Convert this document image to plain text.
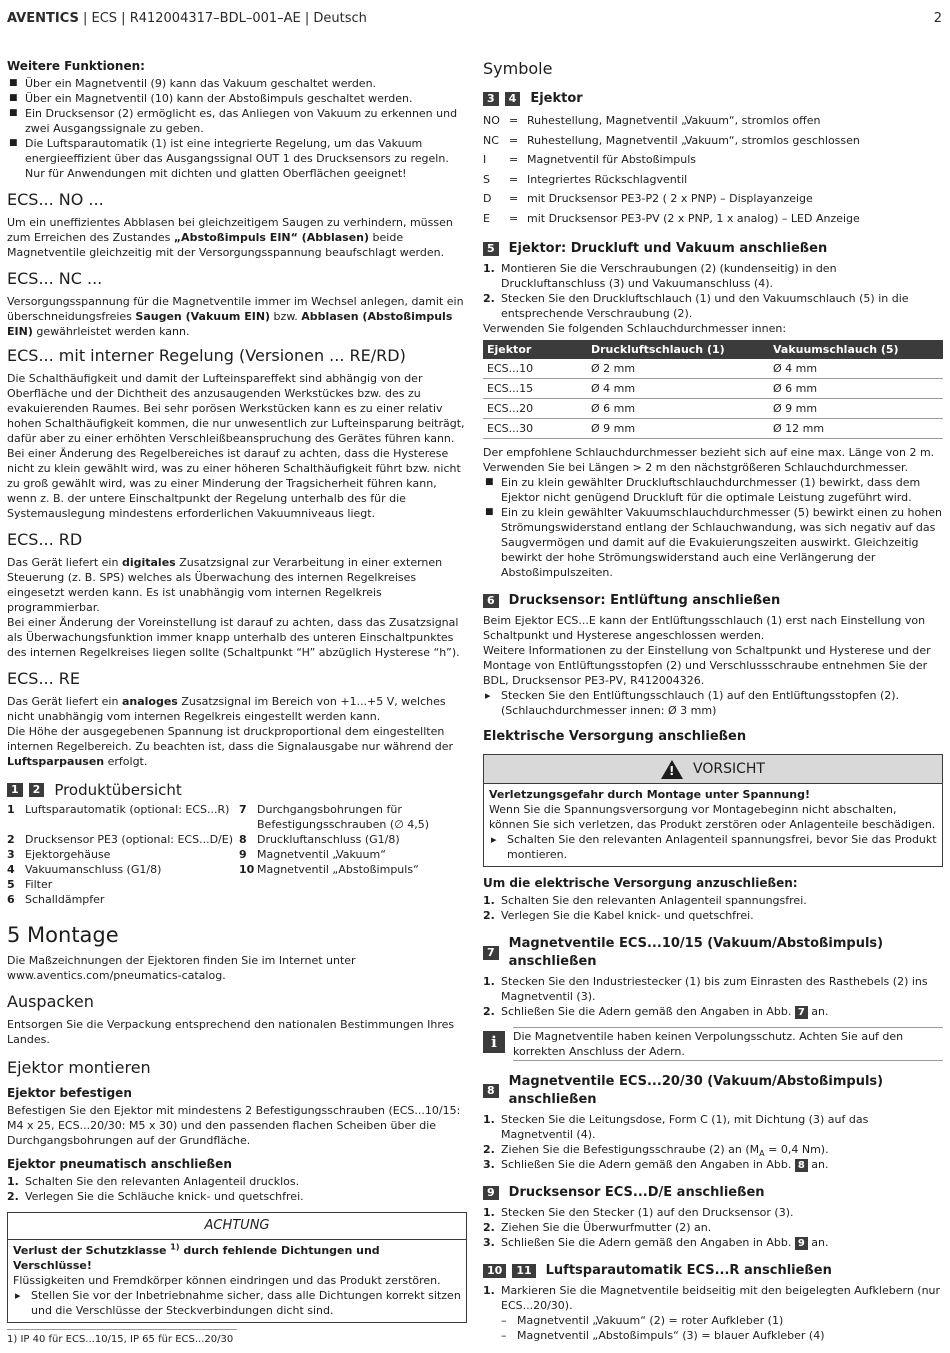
AVENTICS | ECS | R412004317–BDL–001–AE | Deutsch	2

Weitere Funktionen:

■ Über ein Magnetventil (9) kann das Vakuum geschaltet werden.
■ Über ein Magnetventil (10) kann der Abstoßimpuls geschaltet werden.
■ Ein Drucksensor (2) ermöglicht es, das Anliegen von Vakuum zu erkennen und zwei Ausgangssignale zu geben.
■ Die Luftsparautomatik (1) ist eine integrierte Regelung, um das Vakuum energieeffizient über das Ausgangssignal OUT 1 des Drucksensors zu regeln. Nur für Anwendungen mit dichten und glatten Oberflächen geeignet!
ECS... NO ...

Um ein uneffizientes Abblasen bei gleichzeitigem Saugen zu verhindern, müssen zum Erreichen des Zustandes „Abstoßimpuls EIN“ (Abblasen) beide Magnetventile gleichzeitig mit der Versorgungsspannung beaufschlagt werden.

ECS... NC ...

Versorgungsspannung für die Magnetventile immer im Wechsel anlegen, damit ein überschneidungsfreies Saugen (Vakuum EIN) bzw. Abblasen (Abstoßimpuls EIN) gewährleistet werden kann.

ECS... mit interner Regelung (Versionen ... RE/RD)

Die Schalthäufigkeit und damit der Lufteinspareffekt sind abhängig von der Oberfläche und der Dichtheit des anzusaugenden Werkstückes bzw. des zu evakuierenden Raumes. Bei sehr porösen Werkstücken kann es zu einer relativ hohen Schalthäufigkeit kommen, die nur unwesentlich zur Lufteinsparung beiträgt, dafür aber zu einer erhöhten Verschleißbeanspruchung des Gerätes führen kann. Bei einer Änderung des Regelbereiches ist darauf zu achten, dass die Hysterese nicht zu klein gewählt wird, was zu einer höheren Schalthäufigkeit führt bzw. nicht zu groß gewählt wird, was zu einer Minderung der Tragsicherheit führen kann, wenn z. B. der untere Einschaltpunkt der Regelung unterhalb des für die Systemauslegung mindestens erforderlichen Vakuumniveaus liegt.

ECS... RD

Das Gerät liefert ein digitales Zusatzsignal zur Verarbeitung in einer externen Steuerung (z. B. SPS) welches als Überwachung des internen Regelkreises eingesetzt werden kann. Es ist unabhängig vom internen Regelkreis programmierbar.

Bei einer Änderung der Voreinstellung ist darauf zu achten, dass das Zusatzsignal als Überwachungsfunktion immer knapp unterhalb des unteren Einschaltpunktes des internen Regelkreises liegen sollte (Schaltpunkt “H” abzüglich Hysterese “h”).

ECS... RE

Das Gerät liefert ein analoges Zusatzsignal im Bereich von +1...+5 V, welches nicht unabhängig vom internen Regelkreis eingestellt werden kann.

Die Höhe der ausgegebenen Spannung ist druckproportional dem eingestellten internen Regelbereich. Zu beachten ist, dass die Signalausgabe nur während der Luftsparpausen erfolgt.

1	2 Produktübersicht
1 Luftsparautomatik (optional: ECS...R) 7 Durchgangsbohrungen für Befestigungsschrauben (∅ 4,5)
2 Drucksensor PE3 (optional: ECS...D/E) 8 Druckluftanschluss (G1/8)
3 Ejektorgehäuse	9 Magnetventil „Vakuum“
4 Vakuumanschluss (G1/8)	10 Magnetventil „Abstoßimpuls“
5 Filter
6 Schalldämpfer
5 Montage

Die Maßzeichnungen der Ejektoren finden Sie im Internet unter www.aventics.com/pneumatics-catalog.

Auspacken

Entsorgen Sie die Verpackung entsprechend den nationalen Bestimmungen Ihres Landes.

Ejektor montieren
Ejektor befestigen

Befestigen Sie den Ejektor mit mindestens 2 Befestigungsschrauben (ECS...10/15: M4 x 25, ECS...20/30: M5 x 30) und den passenden flachen Scheiben über die Durchgangsbohrungen auf der Grundfläche.

Ejektor pneumatisch anschließen
1. Schalten Sie den relevanten Anlagenteil drucklos.
2. Verlegen Sie die Schläuche knick- und quetschfrei.
ACHTUNG

Verlust der Schutzklasse $^{1)}$ durch fehlende Dichtungen und Verschlüsse!

Flüssigkeiten und Fremdkörper können eindringen und das Produkt zerstören.

▸ Stellen Sie vor der Inbetriebnahme sicher, dass alle Dichtungen korrekt sitzen und die Verschlüsse der Steckverbindungen dicht sind.
1) IP 40 für ECS...10/15, IP 65 für ECS...20/30
Symbole
3	4	Ejektor
NO = Ruhestellung, Magnetventil „Vakuum“, stromlos offen
NC = Ruhestellung, Magnetventil „Vakuum“, stromlos geschlossen
I	= Magnetventil für Abstoßimpuls
S	= Integriertes Rückschlagventil
D	= mit Drucksensor PE3-P2 ( 2 x PNP) – Displayanzeige
E	= mit Drucksensor PE3-PV (2 x PNP, 1 x analog) – LED Anzeige
5	Ejektor: Druckluft und Vakuum anschließen
1. Montieren Sie die Verschraubungen (2) (kundenseitig) in den Druckluftanschluss (3) und Vakuumanschluss (4).
2. Stecken Sie den Druckluftschlauch (1) und den Vakuumschlauch (5) in die entsprechende Verschraubung (2).

Verwenden Sie folgenden Schlauchdurchmesser innen:

Ejektor	Druckluftschlauch (1)	Vakuumschlauch (5)
ECS...10	Ø 2 mm	Ø 4 mm
ECS...15	Ø 4 mm	Ø 6 mm
ECS...20	Ø 6 mm	Ø 9 mm
ECS...30	Ø 9 mm	Ø 12 mm

Der empfohlene Schlauchdurchmesser bezieht sich auf eine max. Länge von 2 m. Verwenden Sie bei Längen > 2 m den nächstgrößeren Schlauchdurchmesser.

■ Ein zu klein gewählter Druckluftschlauchdurchmesser (1) bewirkt, dass dem Ejektor nicht genügend Druckluft für die optimale Leistung zugeführt wird.
■ Ein zu klein gewählter Vakuumschlauchdurchmesser (5) bewirkt einen zu hohen Strömungswiderstand entlang der Schlauchwandung, was sich negativ auf das Saugvermögen und damit auf die Evakuierungszeiten auswirkt. Gleichzeitig bewirkt der hohe Strömungswiderstand auch eine Verlängerung der Abstoßimpulszeiten.
6	Drucksensor: Entlüftung anschließen

Beim Ejektor ECS...E kann der Entlüftungsschlauch (1) erst nach Einstellung von Schaltpunkt und Hysterese angeschlossen werden.

Weitere Informationen zu der Einstellung von Schaltpunkt und Hysterese und der Montage von Entlüftungsstopfen (2) und Verschlussschraube entnehmen Sie der BDL, Drucksensor PE3-PV, R412004326.

▸ Stecken Sie den Entlüftungsschlauch (1) auf den Entlüftungsstopfen (2). (Schlauchdurchmesser innen: Ø 3 mm)
Elektrische Versorgung anschließen
! VORSICHT

Verletzungsgefahr durch Montage unter Spannung!

Wenn Sie die Spannungsversorgung vor Montagebeginn nicht abschalten, können Sie sich verletzen, das Produkt zerstören oder Anlagenteile beschädigen.

▸ Schalten Sie den relevanten Anlagenteil spannungsfrei, bevor Sie das Produkt montieren.
Um die elektrische Versorgung anzuschließen:
1. Schalten Sie den relevanten Anlagenteil spannungsfrei.
2. Verlegen Sie die Kabel knick- und quetschfrei.
7
Magnetventile ECS...10/15 (Vakuum/Abstoßimpuls) anschließen
1. Stecken Sie den Industriestecker (1) bis zum Einrasten des Rasthebels (2) ins Magnetventil (3).
2. Schließen Sie die Adern gemäß den Angaben in Abb. 7 an.
i	Die Magnetventile haben keinen Verpolungsschutz. Achten Sie auf den korrekten Anschluss der Adern.
8
Magnetventile ECS...20/30 (Vakuum/Abstoßimpuls) anschließen
1. Stecken Sie die Leitungsdose, Form C (1), mit Dichtung (3) auf das Magnetventil (4).
2. Ziehen Sie die Befestigungsschraube (2) an ($M_A = 0,4$ Nm).
3. Schließen Sie die Adern gemäß den Angaben in Abb. 8 an.
9	Drucksensor ECS...D/E anschließen
1. Stecken Sie den Stecker (1) auf den Drucksensor (3).
2. Ziehen Sie die Überwurfmutter (2) an.
3. Schließen Sie die Adern gemäß den Angaben in Abb. 9 an.
10	11	Luftsparautomatik ECS...R anschließen
1. Markieren Sie die Magnetventile beidseitig mit den beigelegten Aufklebern (nur ECS...20/30).
– Magnetventil „Vakuum“ (2) = roter Aufkleber (1)
– Magnetventil „Abstoßimpuls“ (3) = blauer Aufkleber (4)
